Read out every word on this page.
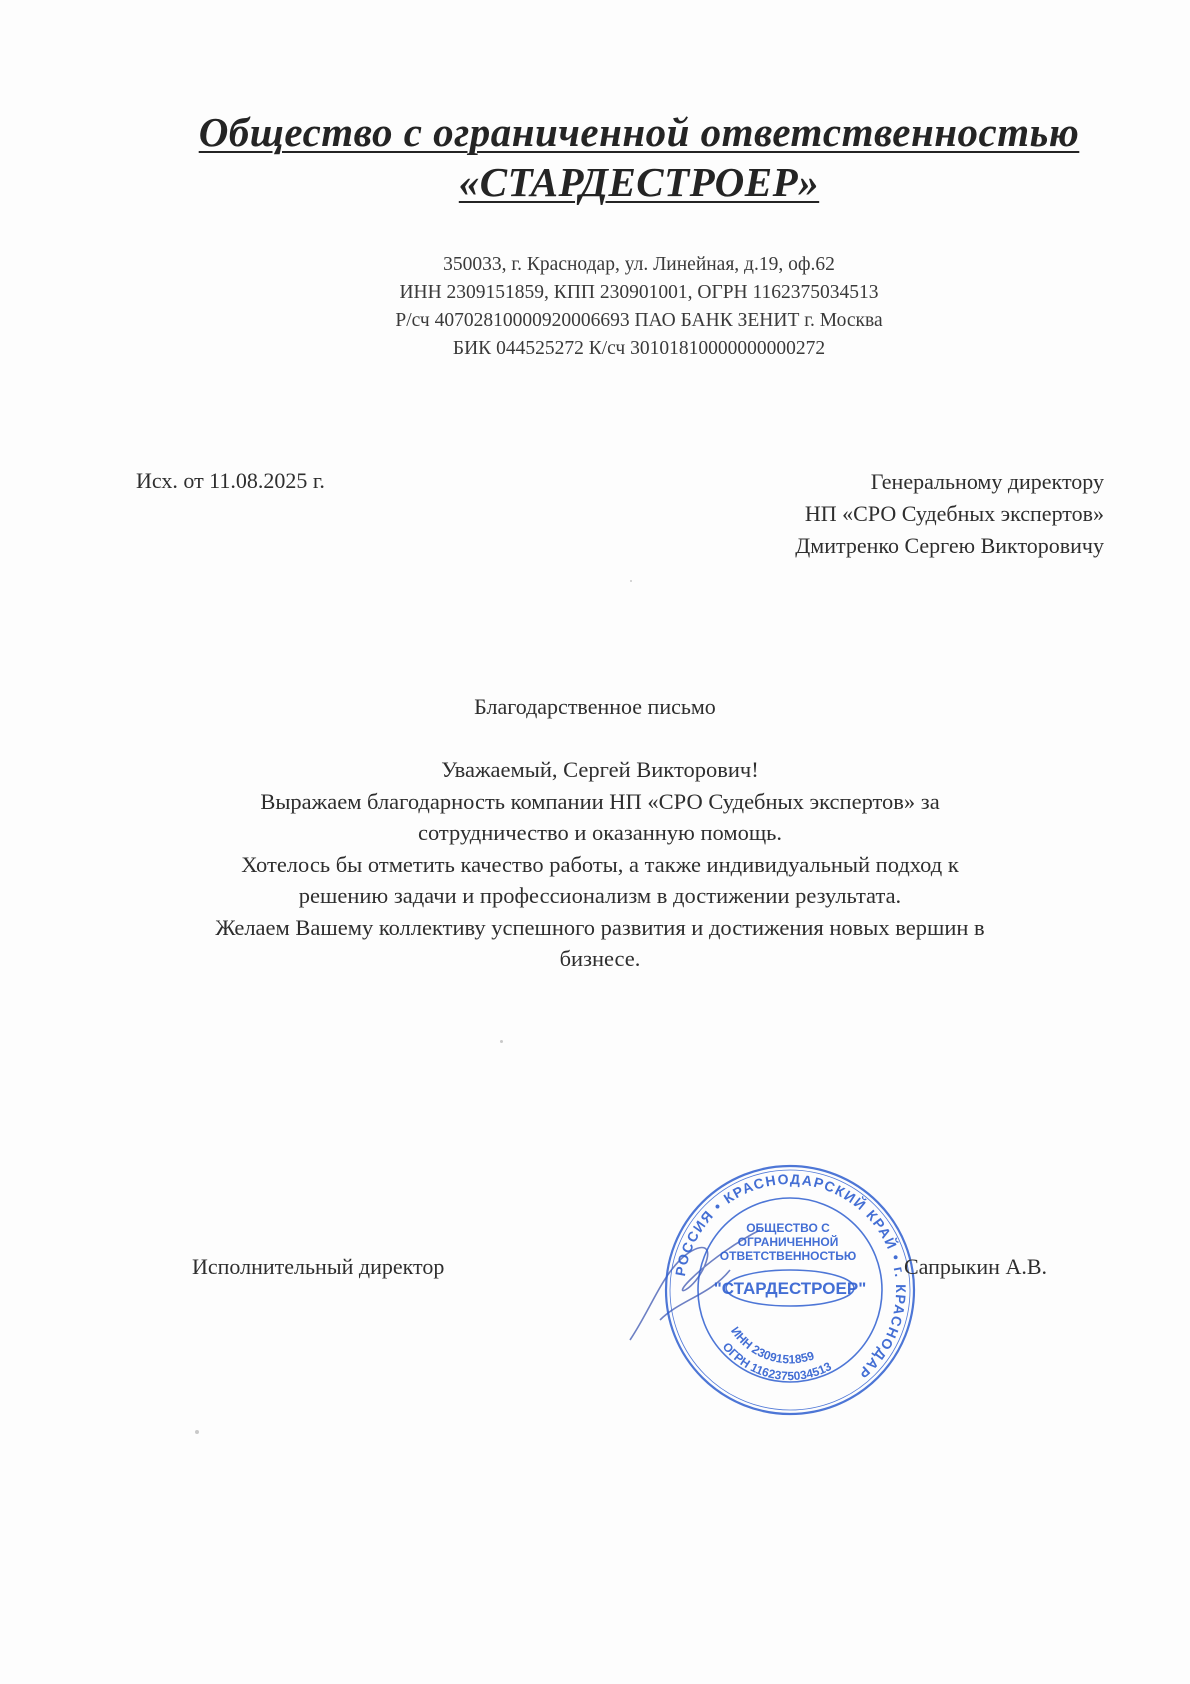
Общество с ограниченной ответственностью
«СТАРДЕСТРОЕР»
350033, г. Краснодар, ул. Линейная, д.19, оф.62
ИНН 2309151859, КПП 230901001, ОГРН 1162375034513
Р/сч 40702810000920006693 ПАО БАНК ЗЕНИТ г. Москва
БИК 044525272 К/сч 30101810000000000272
Исх. от 11.08.2025 г.	Генеральному директору
НП «СРО Судебных экспертов»
Дмитренко Сергею Викторовичу
Благодарственное письмо
Уважаемый, Сергей Викторович!
Выражаем благодарность компании НП «СРО Судебных экспертов» за
сотрудничество и оказанную помощь.
Хотелось бы отметить качество работы, а также индивидуальный подход к
решению задачи и профессионализм в достижении результата.
Желаем Вашему коллективу успешного развития и достижения новых вершин в
бизнесе.
Исполнительный директор	РОССИЯ • КРАСНОДАРСКИЙ КРАЙ • г. КРАСНОДАР
ОБЩЕСТВО С
ОГРАНИЧЕННОЙ
ОТВЕТСТВЕННОСТЬЮ
"СТАРДЕСТРОЕР"
ИНН 2309151859
ОГРН 1162375034513
Сапрыкин А.В.
